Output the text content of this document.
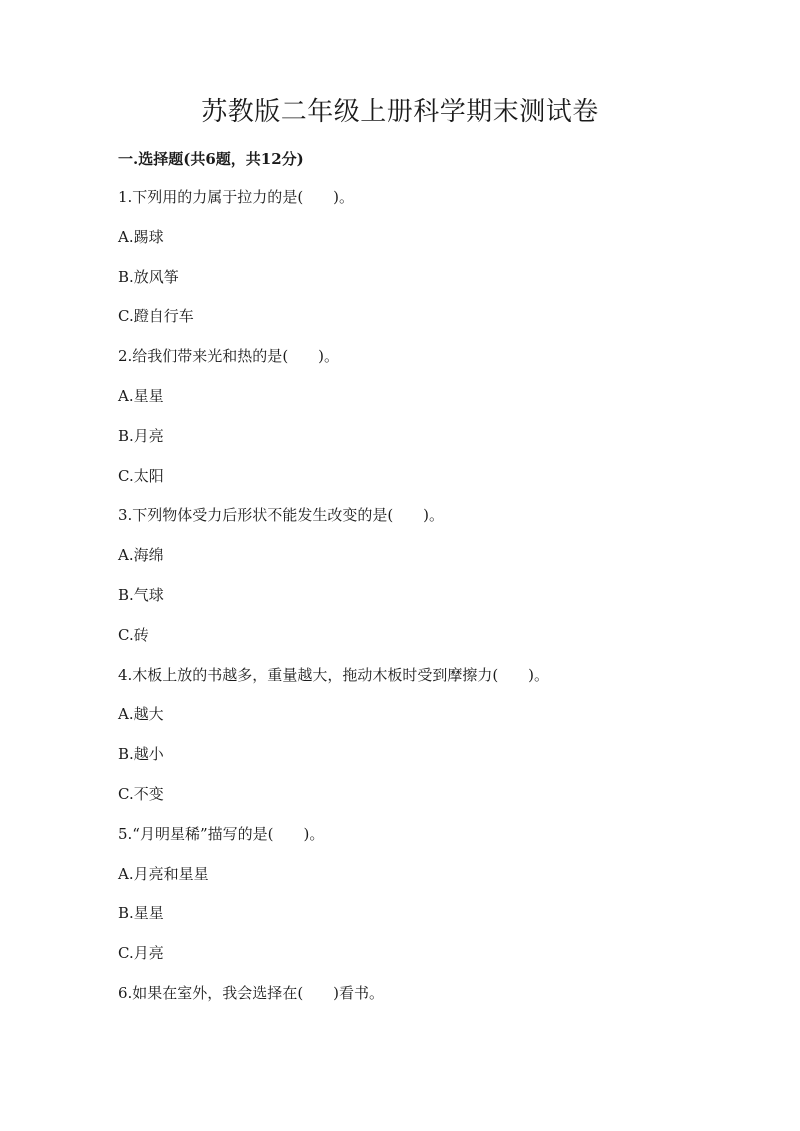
苏教版二年级上册科学期末测试卷
一.选择题(共6题，共12分)
1.下列用的力属于拉力的是(　　)。
A.踢球
B.放风筝
C.蹬自行车
2.给我们带来光和热的是(　　)。
A.星星
B.月亮
C.太阳
3.下列物体受力后形状不能发生改变的是(　　)。
A.海绵
B.气球
C.砖
4.木板上放的书越多，重量越大，拖动木板时受到摩擦力(　　)。
A.越大
B.越小
C.不变
5.“月明星稀”描写的是(　　)。
A.月亮和星星
B.星星
C.月亮
6.如果在室外，我会选择在(　　)看书。
